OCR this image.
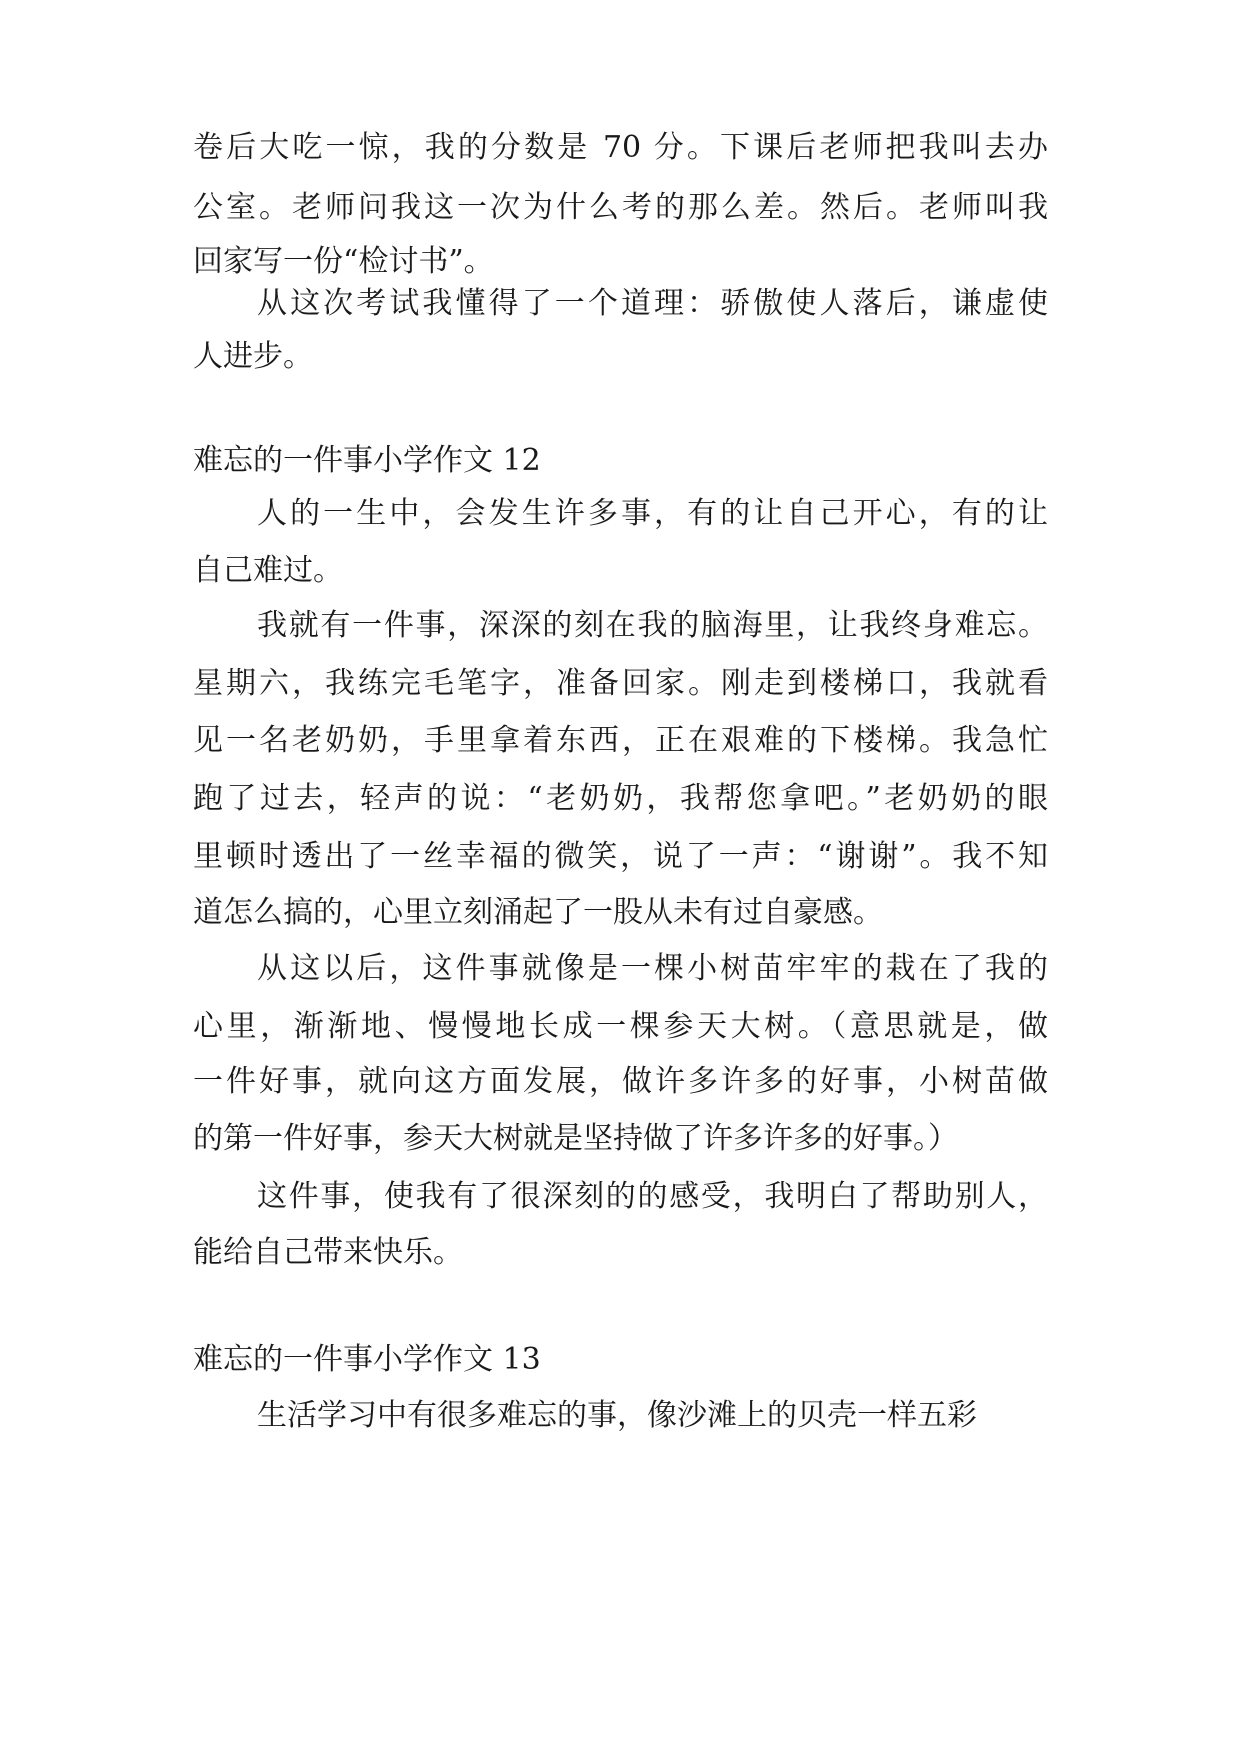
卷后大吃一惊，我的分数是 70 分。下课后老师把我叫去办

公室。老师问我这一次为什么考的那么差。然后。老师叫我

回家写一份“检讨书”。

从这次考试我懂得了一个道理：骄傲使人落后，谦虚使

人进步。

难忘的一件事小学作文 12

人的一生中，会发生许多事，有的让自己开心，有的让

自己难过。

我就有一件事，深深的刻在我的脑海里，让我终身难忘。

星期六，我练完毛笔字，准备回家。刚走到楼梯口，我就看

见一名老奶奶，手里拿着东西，正在艰难的下楼梯。我急忙

跑了过去，轻声的说：“老奶奶，我帮您拿吧。”老奶奶的眼

里顿时透出了一丝幸福的微笑，说了一声：“谢谢”。我不知

道怎么搞的，心里立刻涌起了一股从未有过自豪感。

从这以后，这件事就像是一棵小树苗牢牢的栽在了我的

心里，渐渐地、慢慢地长成一棵参天大树。（意思就是，做

一件好事，就向这方面发展，做许多许多的好事，小树苗做

的第一件好事，参天大树就是坚持做了许多许多的好事。）

这件事，使我有了很深刻的的感受，我明白了帮助别人，

能给自己带来快乐。

难忘的一件事小学作文 13

生活学习中有很多难忘的事，像沙滩上的贝壳一样五彩
